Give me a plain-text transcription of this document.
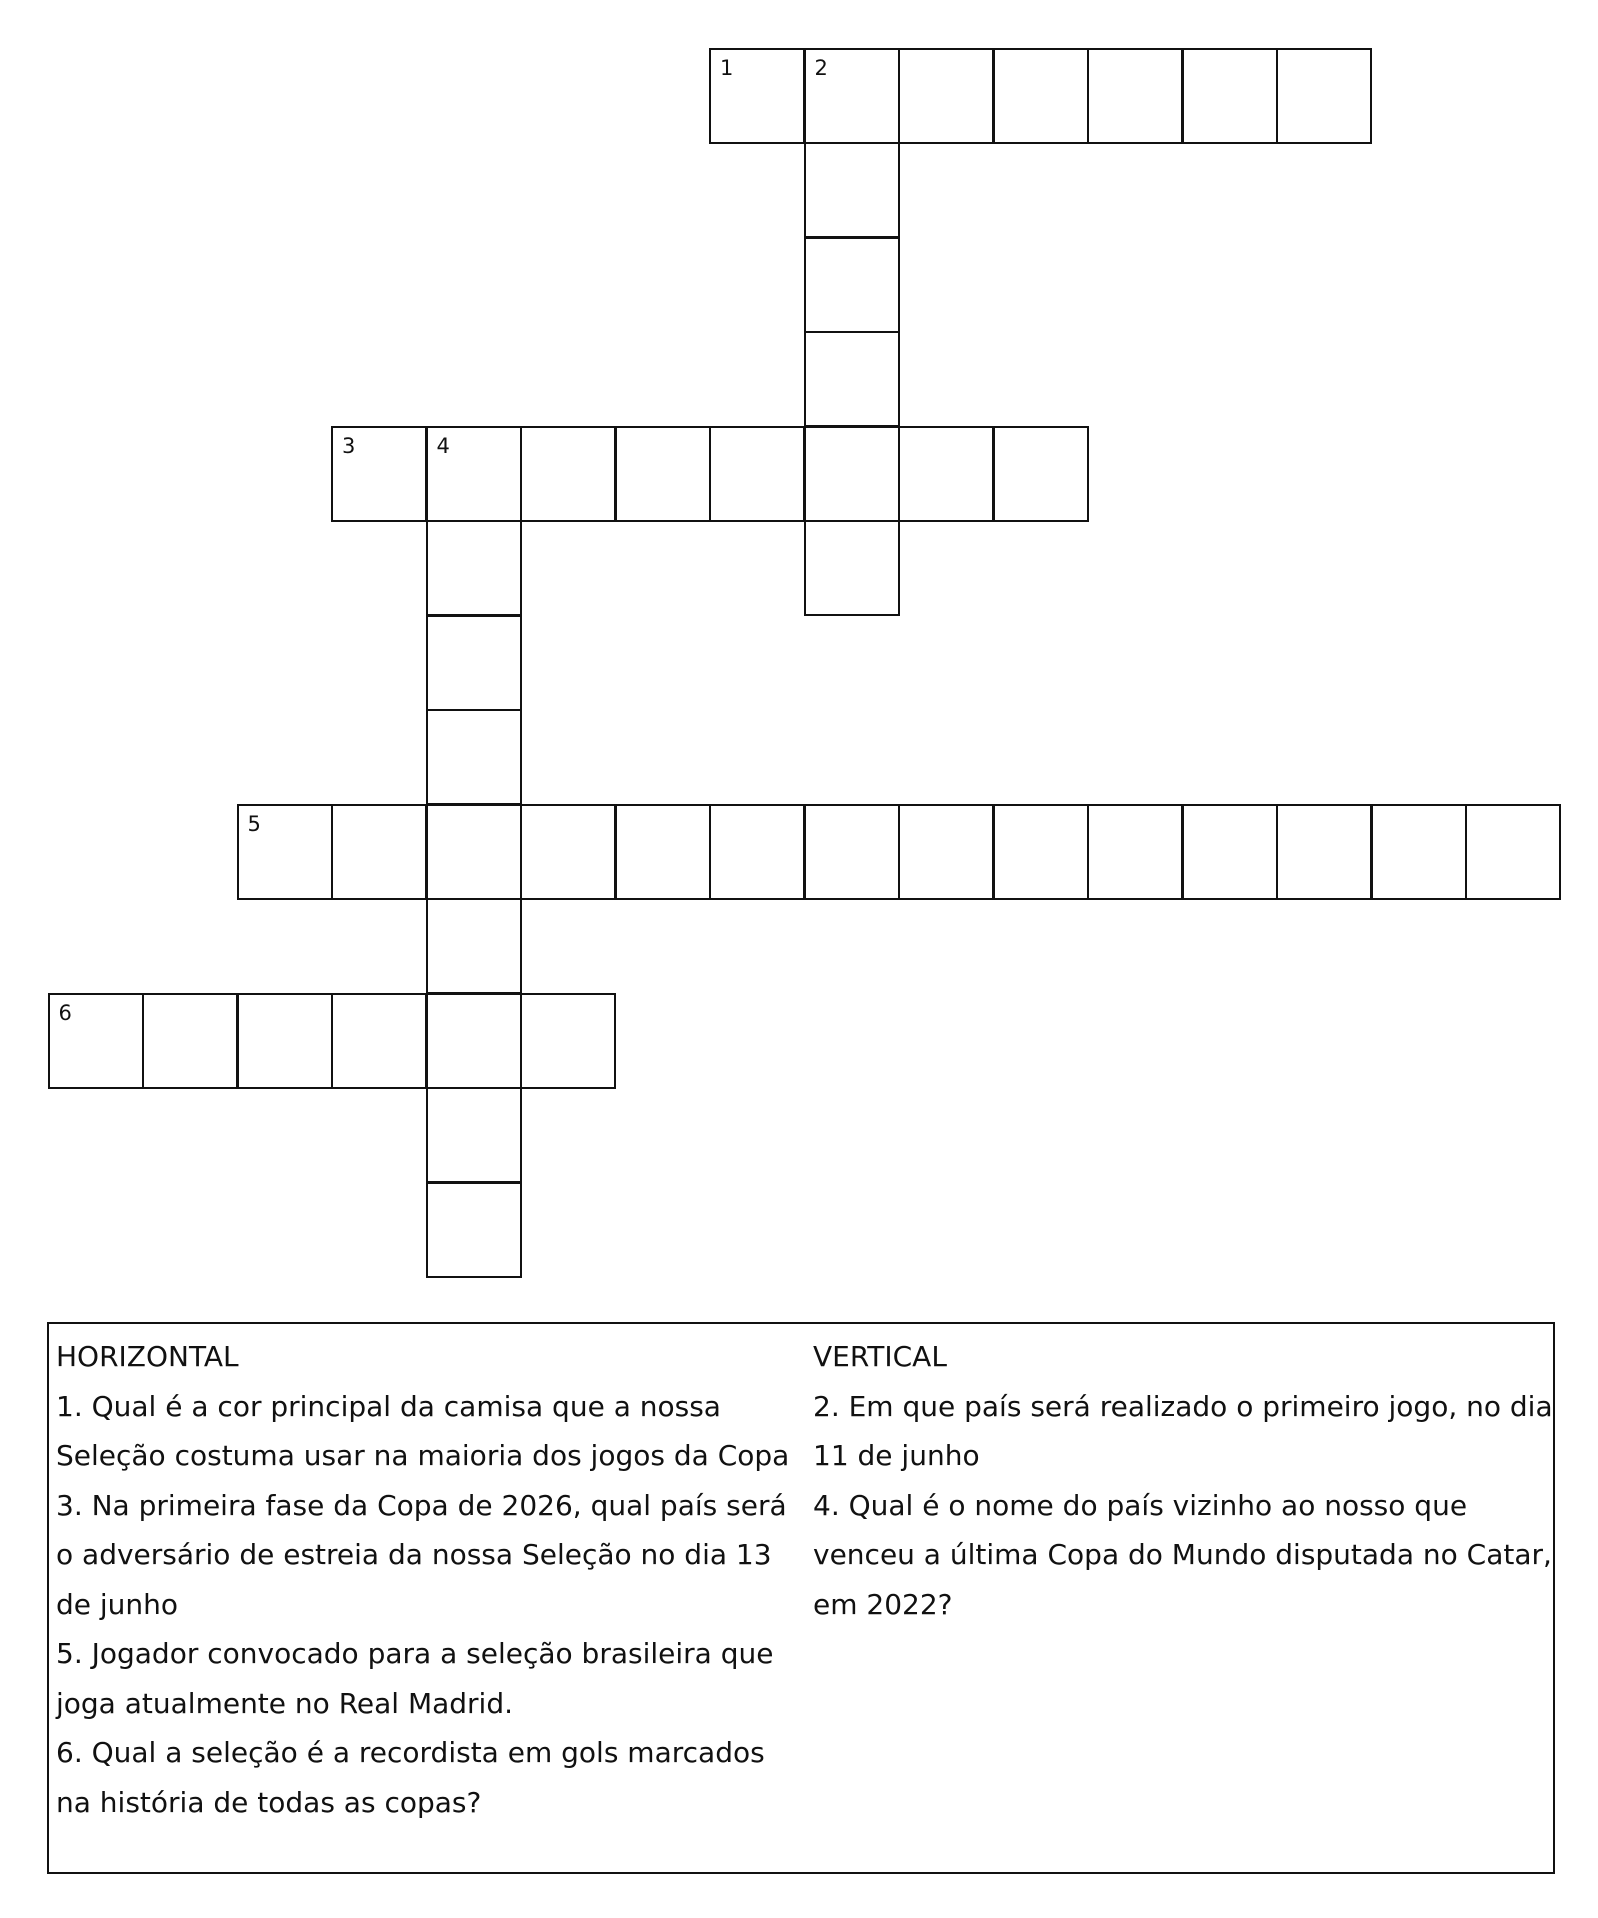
1	2
3	4
5
6

HORIZONTAL

1. Qual é a cor principal da camisa que a nossa Seleção costuma usar na maioria dos jogos da Copa

3. Na primeira fase da Copa de 2026, qual país será o adversário de estreia da nossa Seleção no dia 13 de junho

5. Jogador convocado para a seleção brasileira que joga atualmente no Real Madrid.

6. Qual a seleção é a recordista em gols marcados na história de todas as copas?

VERTICAL

2. Em que país será realizado o primeiro jogo, no dia 11 de junho

4. Qual é o nome do país vizinho ao nosso que venceu a última Copa do Mundo disputada no Catar, em 2022?
